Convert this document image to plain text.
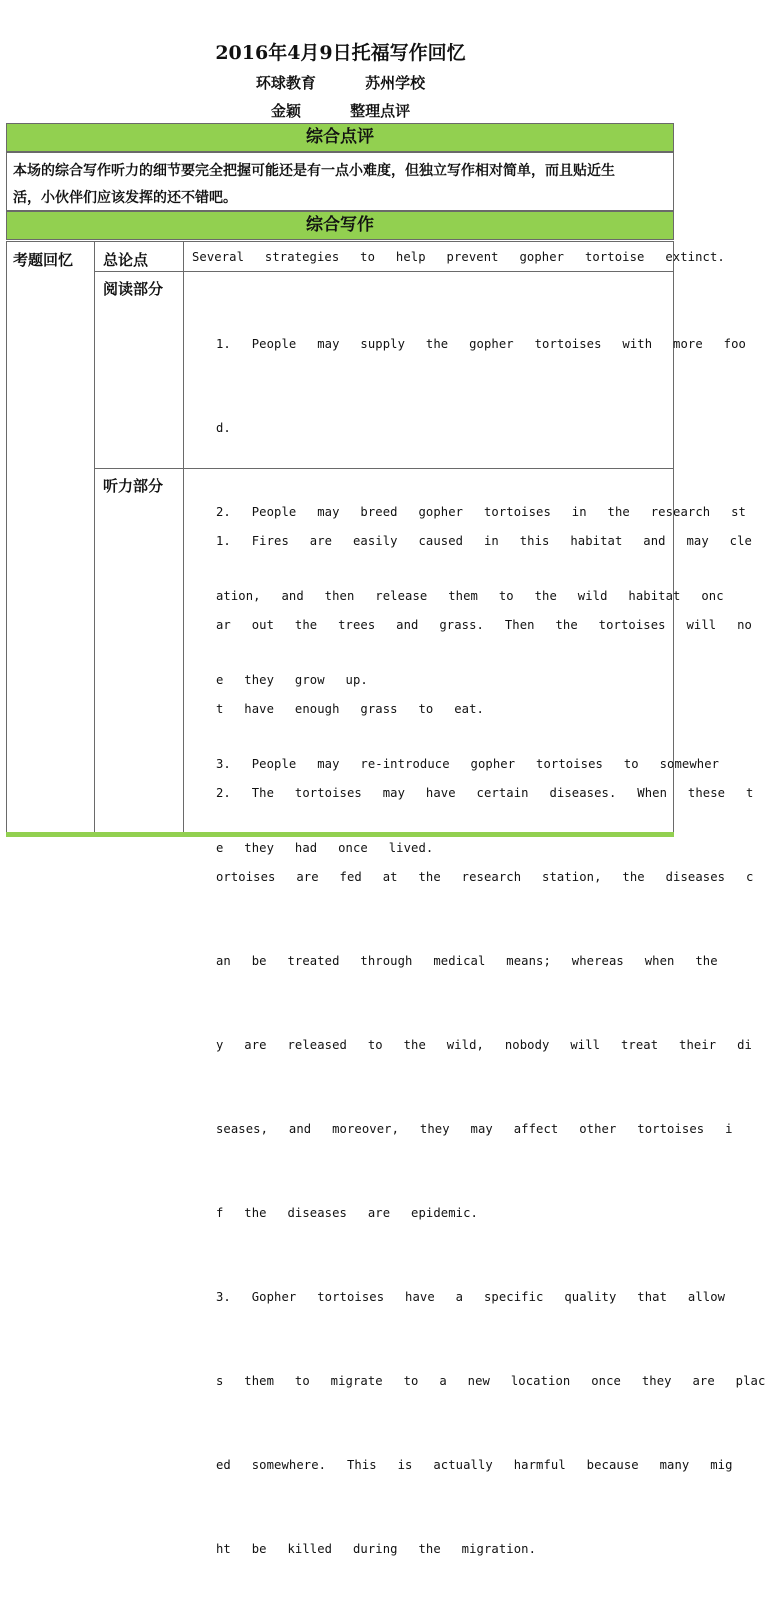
2016年4月9日托福写作回忆
环球教育	苏州学校
金颖	整理点评
综合点评
本场的综合写作听力的细节要完全把握可能还是有一点小难度，但独立写作相对简单，而且贴近生
活，小伙伴们应该发挥的还不错吧。
综合写作
考题回忆 总论点
阅读部分
听力部分
Several  strategies  to  help  prevent  gopher  tortoise  extinct.

1.  People  may  supply  the  gopher  tortoises  with  more  foo

d.

2.  People  may  breed  gopher  tortoises  in  the  research  st

ation,  and  then  release  them  to  the  wild  habitat  onc

e  they  grow  up.

3.  People  may  re-introduce  gopher  tortoises  to  somewher

e  they  had  once  lived.

1.  Fires  are  easily  caused  in  this  habitat  and  may  cle

ar  out  the  trees  and  grass.  Then  the  tortoises  will  no

t  have  enough  grass  to  eat.

2.  The  tortoises  may  have  certain  diseases.  When  these  t

ortoises  are  fed  at  the  research  station,  the  diseases  c

an  be  treated  through  medical  means;  whereas  when  the

y  are  released  to  the  wild,  nobody  will  treat  their  di

seases,  and  moreover,  they  may  affect  other  tortoises  i

f  the  diseases  are  epidemic.

3.  Gopher  tortoises  have  a  specific  quality  that  allow

s  them  to  migrate  to  a  new  location  once  they  are  plac

ed  somewhere.  This  is  actually  harmful  because  many  mig

ht  be  killed  during  the  migration.
